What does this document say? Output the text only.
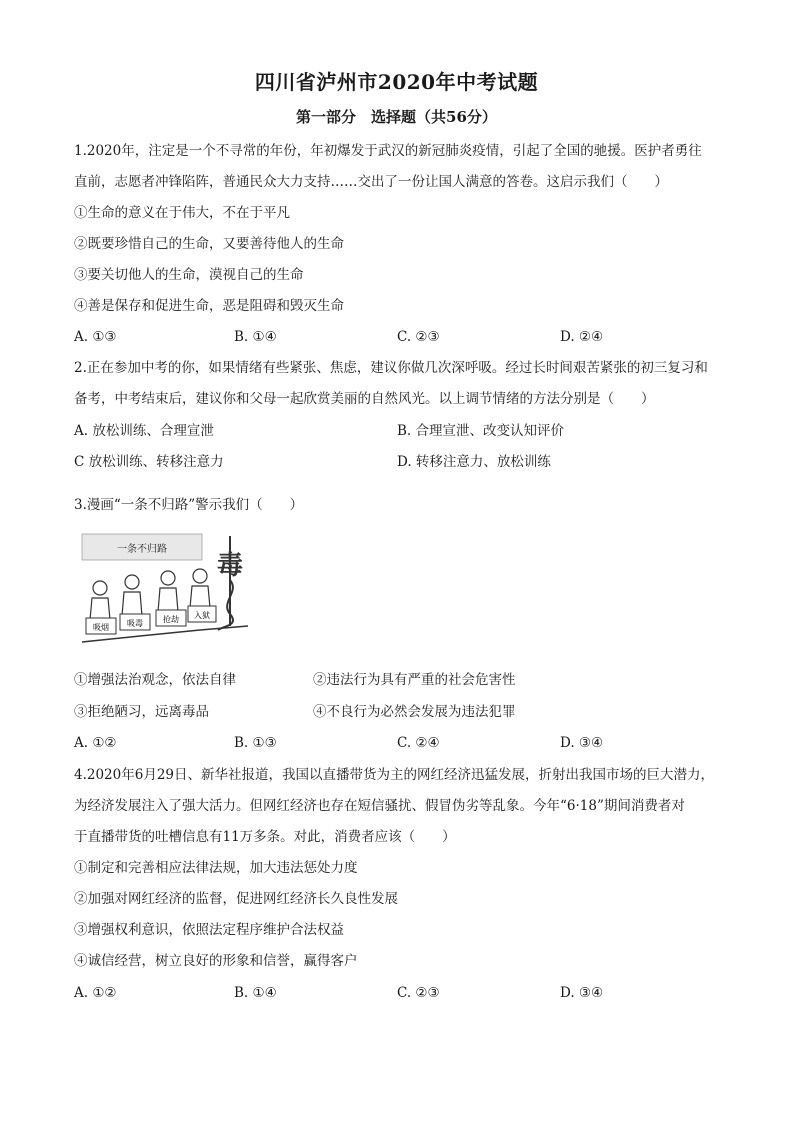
四川省泸州市2020年中考试题
第一部分　选择题（共56分）
1.2020年，注定是一个不寻常的年份，年初爆发于武汉的新冠肺炎疫情，引起了全国的驰援。医护者勇往
直前，志愿者冲锋陷阵，普通民众大力支持……交出了一份让国人满意的答卷。这启示我们（　　）
①生命的意义在于伟大，不在于平凡
②既要珍惜自己的生命，又要善待他人的生命
③要关切他人的生命，漠视自己的生命
④善是保存和促进生命，恶是阻碍和毁灭生命
A. ①③	B. ①④	C. ②③	D. ②④
2.正在参加中考的你，如果情绪有些紧张、焦虑，建议你做几次深呼吸。经过长时间艰苦紧张的初三复习和
备考，中考结束后，建议你和父母一起欣赏美丽的自然风光。以上调节情绪的方法分别是（　　）
A. 放松训练、合理宣泄	B. 合理宣泄、改变认知评价
C 放松训练、转移注意力	D. 转移注意力、放松训练
3.漫画“一条不归路”警示我们（　　）
一条不归路
毒
吸烟 吸毒	抢劫 入狱
①增强法治观念，依法自律	②违法行为具有严重的社会危害性
③拒绝陋习，远离毒品	④不良行为必然会发展为违法犯罪
A. ①②	B. ①③	C. ②④	D. ③④
4.2020年6月29日、新华社报道，我国以直播带货为主的网红经济迅猛发展，折射出我国市场的巨大潜力，
为经济发展注入了强大活力。但网红经济也存在短信骚扰、假冒伪劣等乱象。今年“6·18”期间消费者对
于直播带货的吐槽信息有11万多条。对此，消费者应该（　　）
①制定和完善相应法律法规，加大违法惩处力度
②加强对网红经济的监督，促进网红经济长久良性发展
③增强权利意识，依照法定程序维护合法权益
④诚信经营，树立良好的形象和信誉，赢得客户
A. ①②	B. ①④	C. ②③	D. ③④
